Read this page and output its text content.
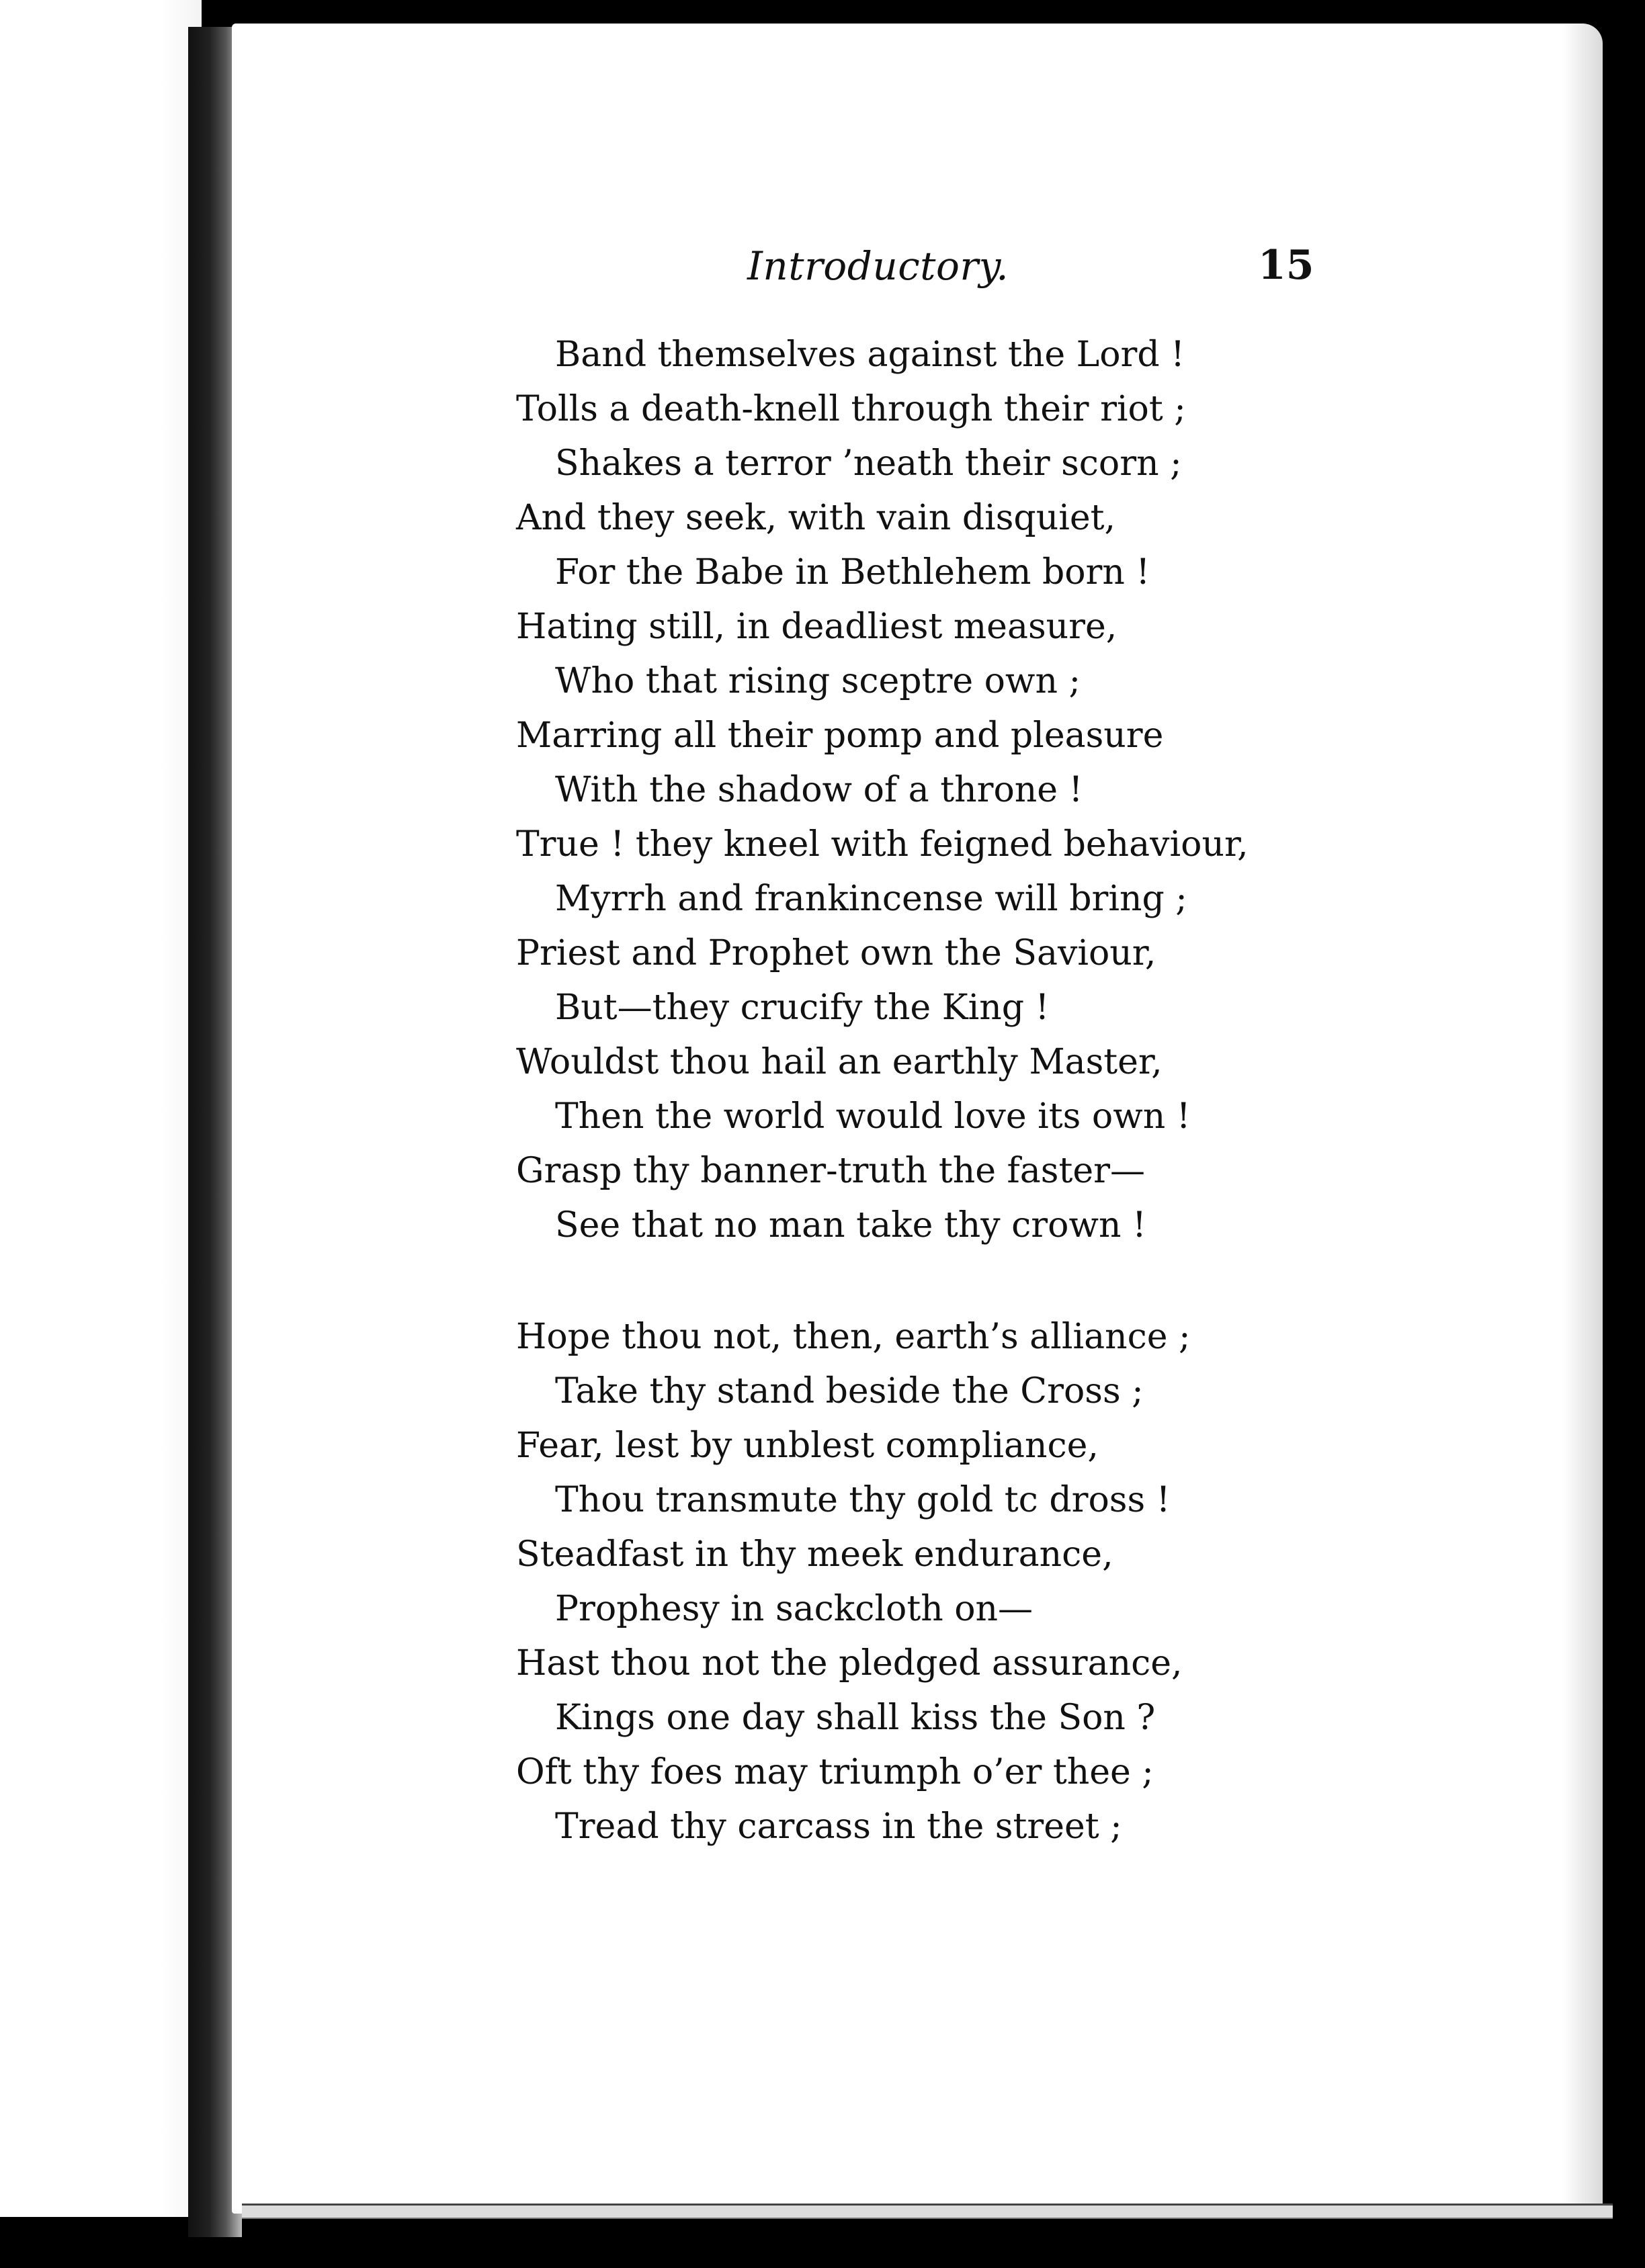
Introductory.	15
Band themselves against the Lord !
Tolls a death-knell through their riot ;
Shakes a terror ’neath their scorn ;
And they seek, with vain disquiet,
For the Babe in Bethlehem born !
Hating still, in deadliest measure,
Who that rising sceptre own ;
Marring all their pomp and pleasure
With the shadow of a throne !
True ! they kneel with feigned behaviour,
Myrrh and frankincense will bring ;
Priest and Prophet own the Saviour,
But—they crucify the King !
Wouldst thou hail an earthly Master,
Then the world would love its own !
Grasp thy banner-truth the faster—
See that no man take thy crown !
Hope thou not, then, earth’s alliance ;
Take thy stand beside the Cross ;
Fear, lest by unblest compliance,
Thou transmute thy gold tc dross !
Steadfast in thy meek endurance,
Prophesy in sackcloth on—
Hast thou not the pledged assurance,
Kings one day shall kiss the Son ?
Oft thy foes may triumph o’er thee ;
Tread thy carcass in the street ;
